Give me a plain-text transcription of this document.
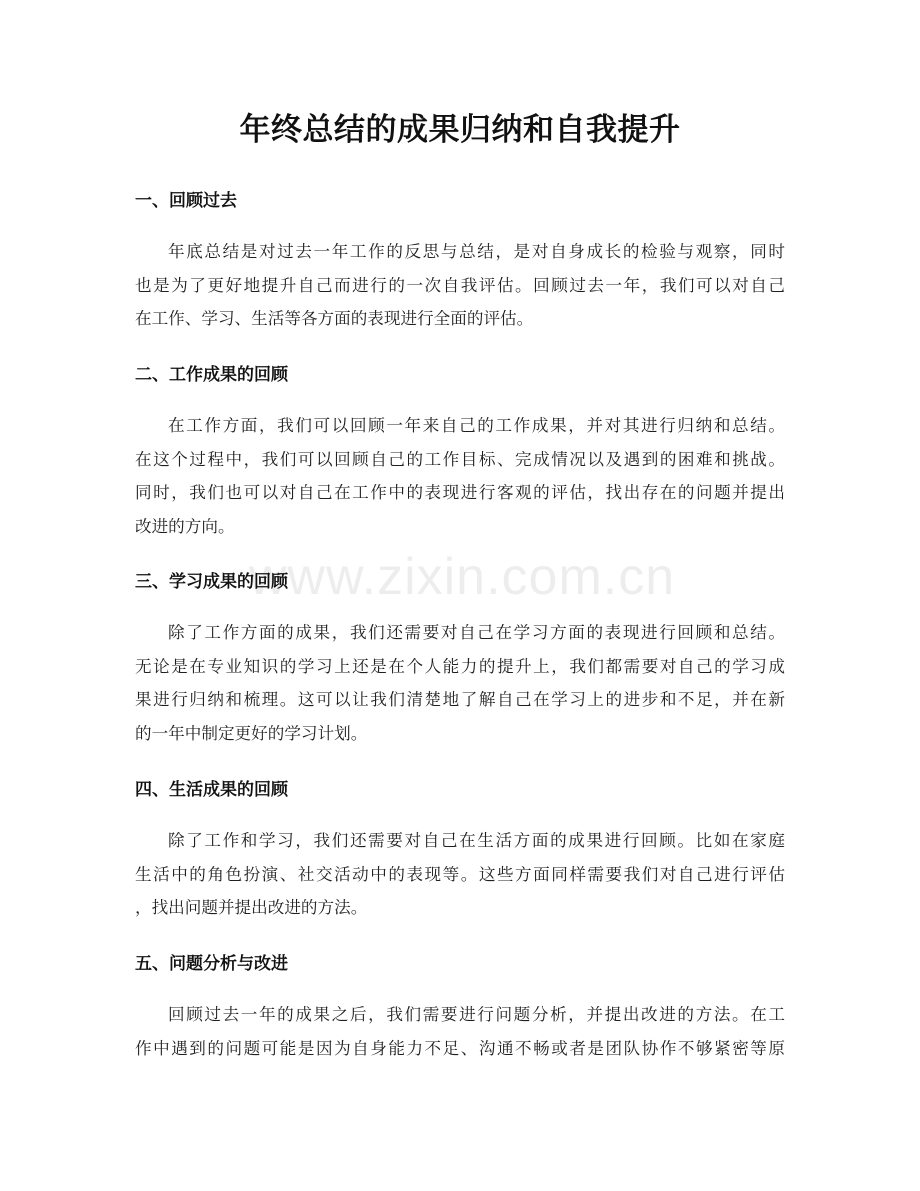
年终总结的成果归纳和自我提升
一、回顾过去
年底总结是对过去一年工作的反思与总结，是对自身成长的检验与观察，同时
也是为了更好地提升自己而进行的一次自我评估。回顾过去一年，我们可以对自己
在工作、学习、生活等各方面的表现进行全面的评估。
二、工作成果的回顾
在工作方面，我们可以回顾一年来自己的工作成果，并对其进行归纳和总结。
在这个过程中，我们可以回顾自己的工作目标、完成情况以及遇到的困难和挑战。
同时，我们也可以对自己在工作中的表现进行客观的评估，找出存在的问题并提出
改进的方向。
www.zixin.com.cn
三、学习成果的回顾
除了工作方面的成果，我们还需要对自己在学习方面的表现进行回顾和总结。
无论是在专业知识的学习上还是在个人能力的提升上，我们都需要对自己的学习成
果进行归纳和梳理。这可以让我们清楚地了解自己在学习上的进步和不足，并在新
的一年中制定更好的学习计划。
四、生活成果的回顾
除了工作和学习，我们还需要对自己在生活方面的成果进行回顾。比如在家庭
生活中的角色扮演、社交活动中的表现等。这些方面同样需要我们对自己进行评估
，找出问题并提出改进的方法。
五、问题分析与改进
回顾过去一年的成果之后，我们需要进行问题分析，并提出改进的方法。在工
作中遇到的问题可能是因为自身能力不足、沟通不畅或者是团队协作不够紧密等原
